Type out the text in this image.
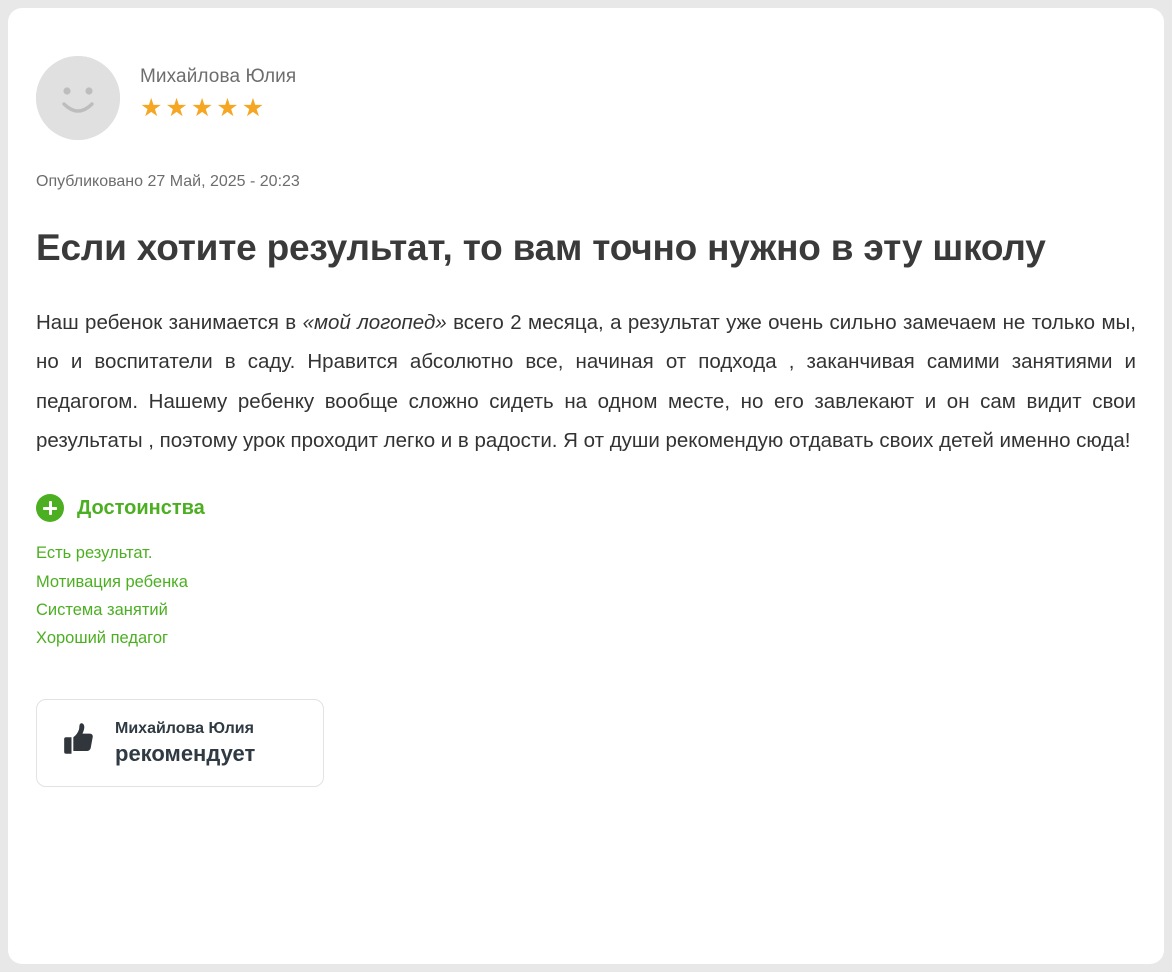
Михайлова Юлия
★★★★★
Опубликовано 27 Май, 2025 - 20:23
Если хотите результат, то вам точно нужно в эту школу
Наш ребенок занимается в «мой логопед» всего 2 месяца, а результат уже очень сильно замечаем не только мы, но и воспитатели в саду. Нравится абсолютно все, начиная от подхода , заканчивая самими занятиями и педагогом. Нашему ребенку вообще сложно сидеть на одном месте, но его завлекают и он сам видит свои результаты , поэтому урок проходит легко и в радости. Я от души рекомендую отдавать своих детей именно сюда!
Достоинства
Есть результат.
Мотивация ребенка
Система занятий
Хороший педагог
Михайлова Юлия
рекомендует
